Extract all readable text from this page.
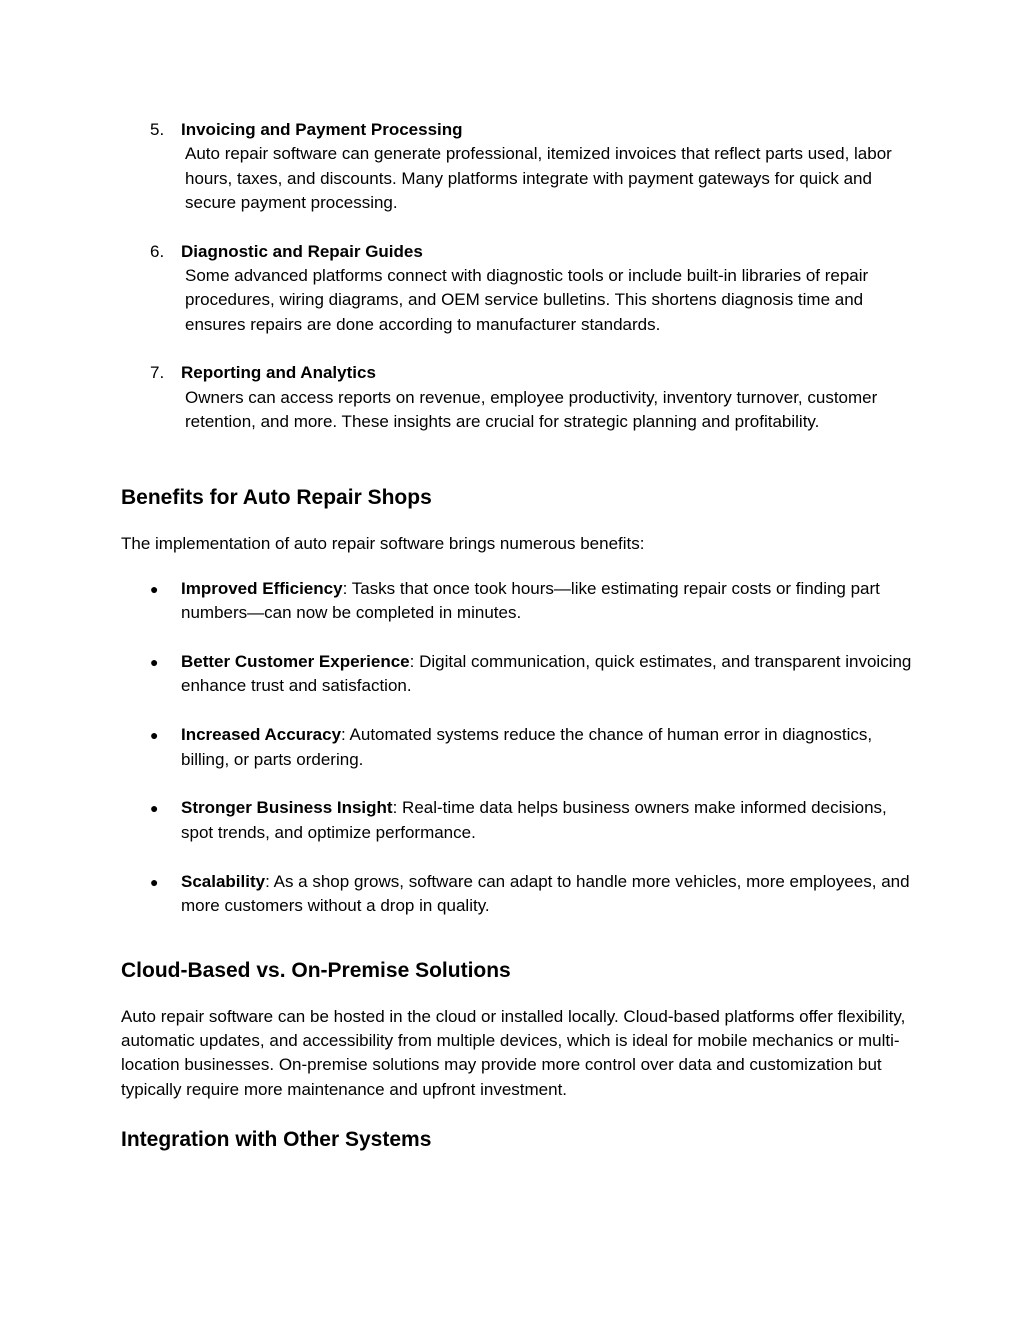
5. Invoicing and Payment Processing
Auto repair software can generate professional, itemized invoices that reflect parts used, labor hours, taxes, and discounts. Many platforms integrate with payment gateways for quick and secure payment processing.
6. Diagnostic and Repair Guides
Some advanced platforms connect with diagnostic tools or include built-in libraries of repair procedures, wiring diagrams, and OEM service bulletins. This shortens diagnosis time and ensures repairs are done according to manufacturer standards.
7. Reporting and Analytics
Owners can access reports on revenue, employee productivity, inventory turnover, customer retention, and more. These insights are crucial for strategic planning and profitability.
Benefits for Auto Repair Shops

The implementation of auto repair software brings numerous benefits:

● Improved Efficiency: Tasks that once took hours—like estimating repair costs or finding part numbers—can now be completed in minutes.
● Better Customer Experience: Digital communication, quick estimates, and transparent invoicing enhance trust and satisfaction.
● Increased Accuracy: Automated systems reduce the chance of human error in diagnostics, billing, or parts ordering.
● Stronger Business Insight: Real-time data helps business owners make informed decisions, spot trends, and optimize performance.
● Scalability: As a shop grows, software can adapt to handle more vehicles, more employees, and more customers without a drop in quality.
Cloud-Based vs. On-Premise Solutions

Auto repair software can be hosted in the cloud or installed locally. Cloud-based platforms offer flexibility, automatic updates, and accessibility from multiple devices, which is ideal for mobile mechanics or multi-location businesses. On-premise solutions may provide more control over data and customization but typically require more maintenance and upfront investment.

Integration with Other Systems
